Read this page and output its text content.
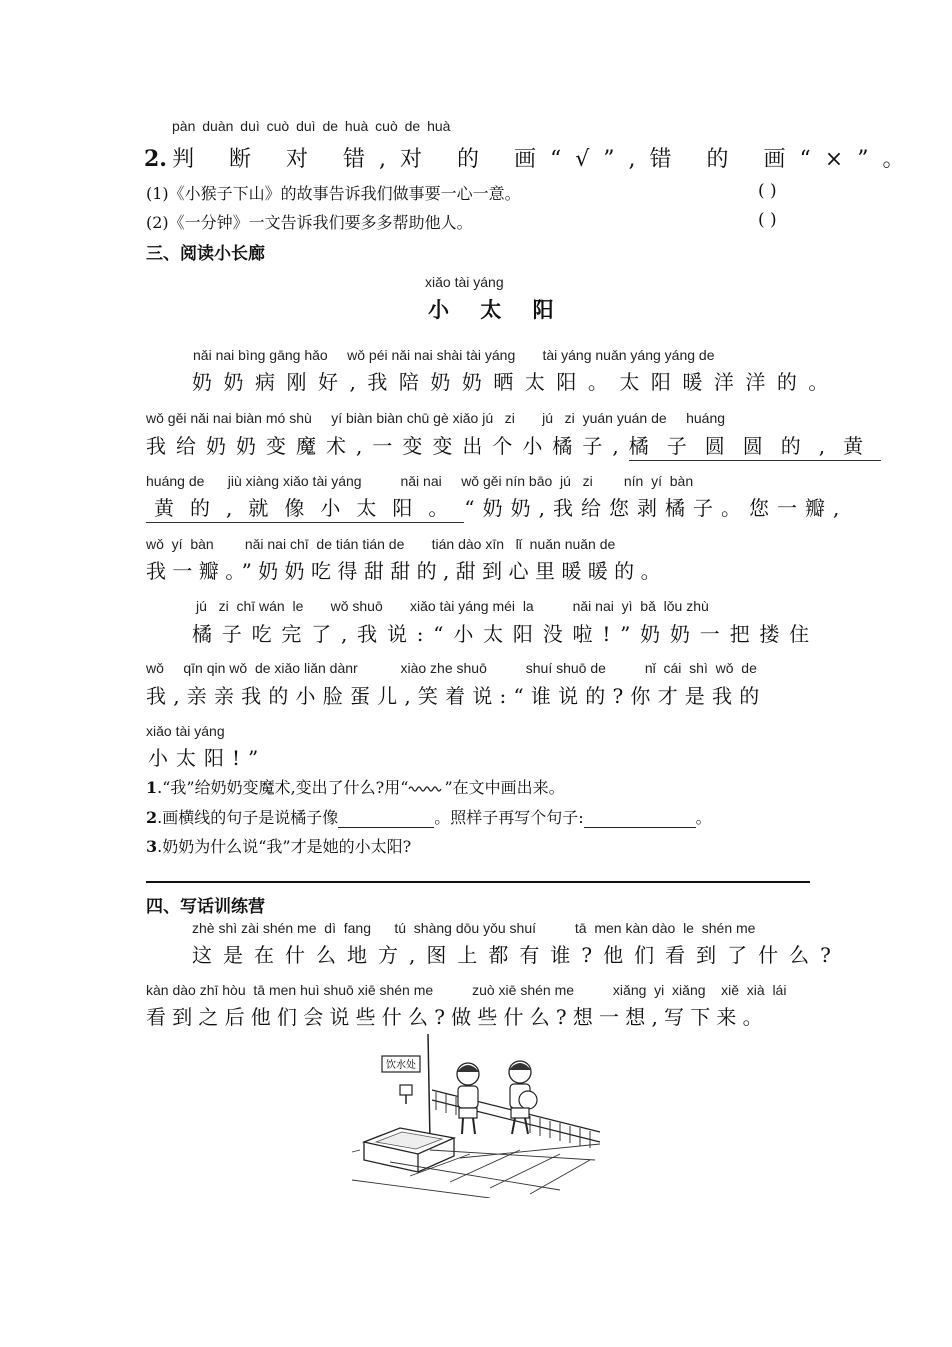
pàn duàn duì cuò duì de huà cuò de huà
2. 判 断 对 错,对 的 画“√”,错 的 画“×”。
(1)《小猴子下山》的故事告诉我们做事要一心一意。	( )
(2)《一分钟》一文告诉我们要多多帮助他人。	( )
三、阅读小长廊
xiǎo tài yáng
小 太 阳
nǎi nai bìng gāng hǎo     wǒ péi nǎi nai shài tài yáng       tài yáng nuǎn yáng yáng de
奶奶病刚好,我陪奶奶晒太阳。太阳暖洋洋的。
wǒ gěi nǎi nai biàn mó shù     yí biàn biàn chū gè xiǎo jú   zi       jú   zi  yuán yuán de     huáng
我给奶奶变魔术,一变变出个小橘子,橘子圆圆的,黄
huáng de      jiù xiàng xiǎo tài yáng          nǎi nai     wǒ gěi nín bāo  jú   zi        nín  yí  bàn
黄的,就像小太阳。“奶奶,我给您剥橘子。您一瓣,
wǒ  yí  bàn        nǎi nai chī  de tián tián de       tián dào xīn   lǐ  nuǎn nuǎn de
我一瓣。”奶奶吃得甜甜的,甜到心里暖暖的。
jú   zi  chī wán  le       wǒ shuō       xiǎo tài yáng méi  la          nǎi nai  yì  bǎ  lǒu zhù
橘子吃完了,我说:“小太阳没啦!”奶奶一把搂住
wǒ     qīn qin wǒ  de xiǎo liǎn dànr           xiào zhe shuō          shuí shuō de          nǐ  cái  shì  wǒ  de
我,亲亲我的小脸蛋儿,笑着说:“谁说的?你才是我的
xiǎo tài yáng
小太阳!”
1.“我”给奶奶变魔术,变出了什么?用“ ”在文中画出来。
2.画横线的句子是说橘子像	。照样子再写个句子:	。
3.奶奶为什么说“我”才是她的小太阳?
四、写话训练营
zhè shì zài shén me  dì  fang      tú  shàng dōu yǒu shuí          tā  men kàn dào  le  shén me
这是在什么地方,图上都有谁?他们看到了什么?
kàn dào zhī hòu  tā men huì shuō xiē shén me          zuò xiē shén me          xiǎng  yi  xiǎng    xiě  xià  lái
看到之后他们会说些什么?做些什么?想一想,写下来。
饮水处
